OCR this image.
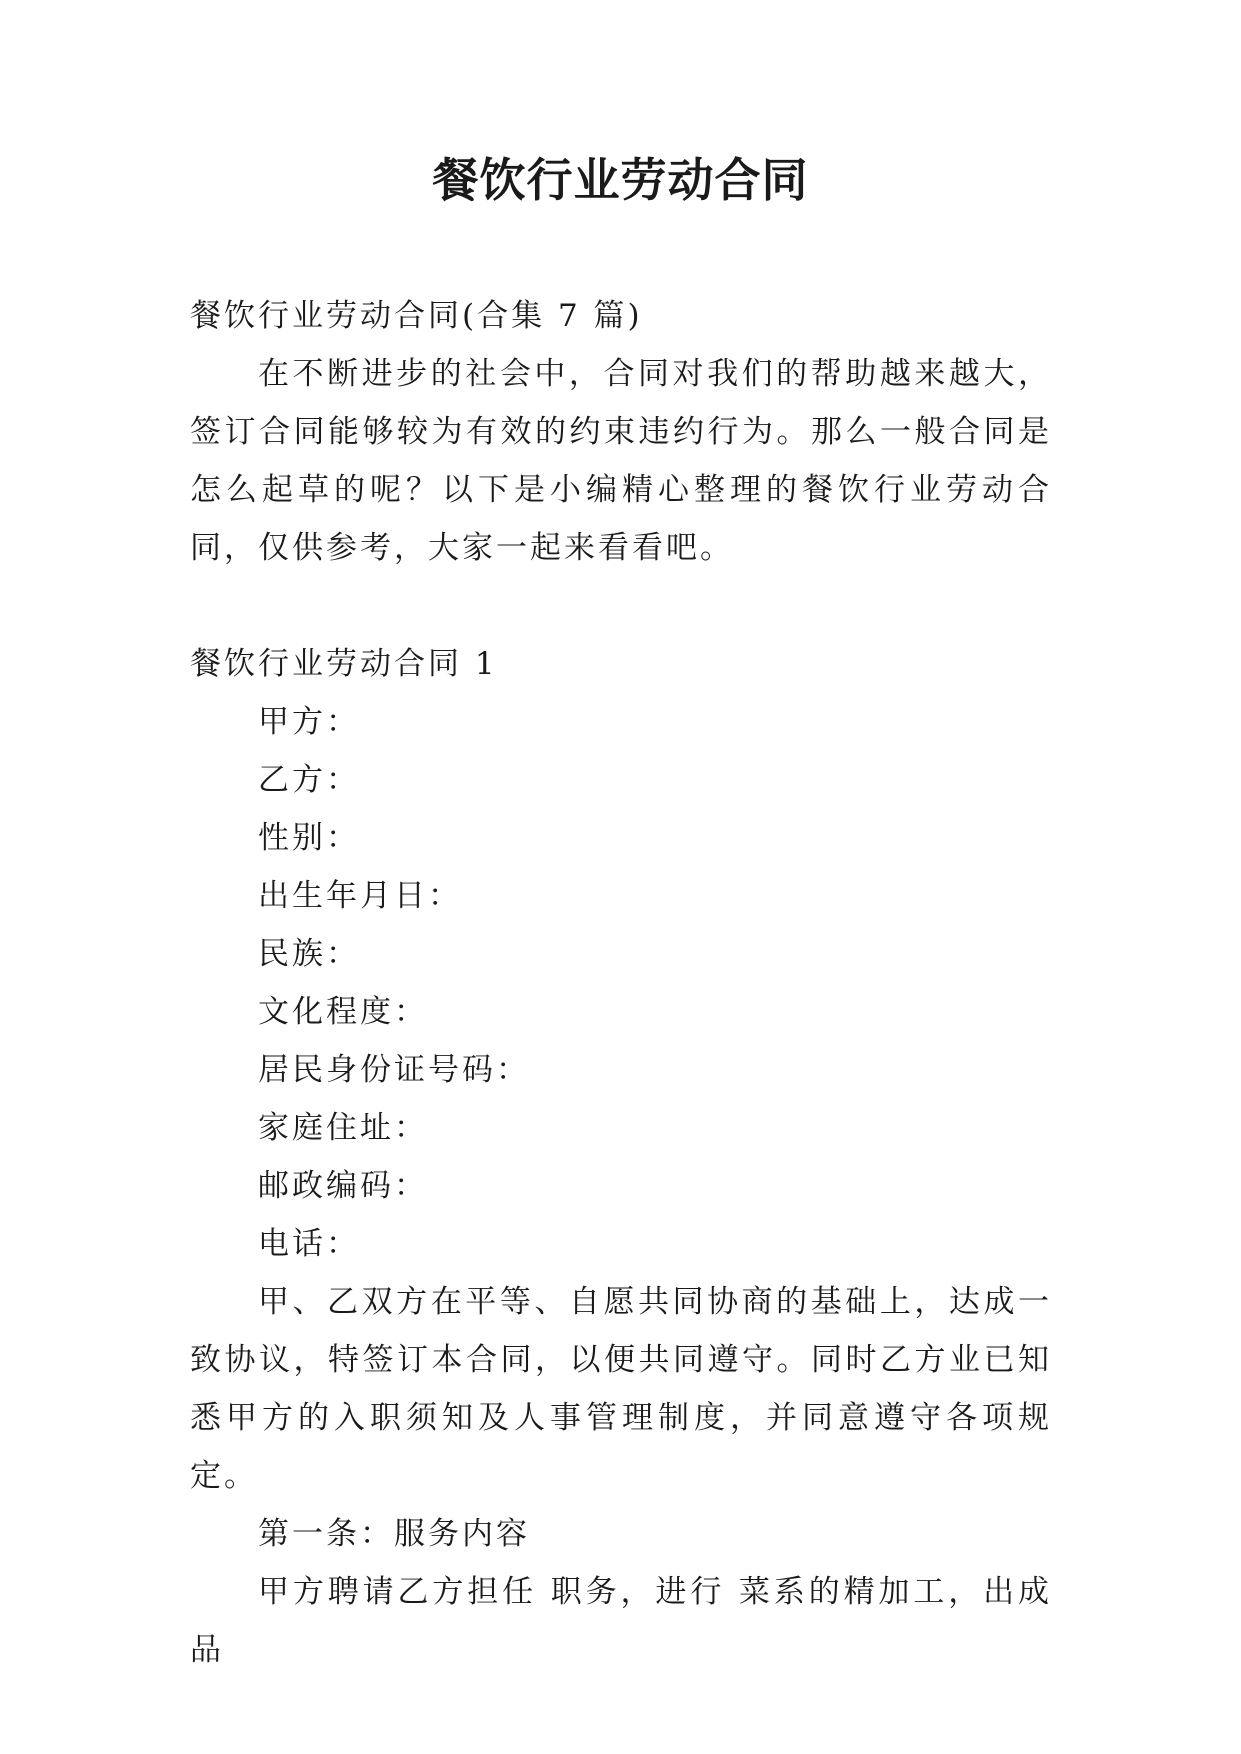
餐饮行业劳动合同

餐饮行业劳动合同(合集 7 篇)

在不断进步的社会中，合同对我们的帮助越来越大，签订合同能够较为有效的约束违约行为。那么一般合同是怎么起草的呢？以下是小编精心整理的餐饮行业劳动合同，仅供参考，大家一起来看看吧。

餐饮行业劳动合同 1

甲方：

乙方：

性别：

出生年月日：

民族：

文化程度：

居民身份证号码：

家庭住址：

邮政编码：

电话：

甲、乙双方在平等、自愿共同协商的基础上，达成一致协议，特签订本合同，以便共同遵守。同时乙方业已知悉甲方的入职须知及人事管理制度，并同意遵守各项规定。

第一条：服务内容

甲方聘请乙方担任 职务，进行 菜系的精加工，出成品
